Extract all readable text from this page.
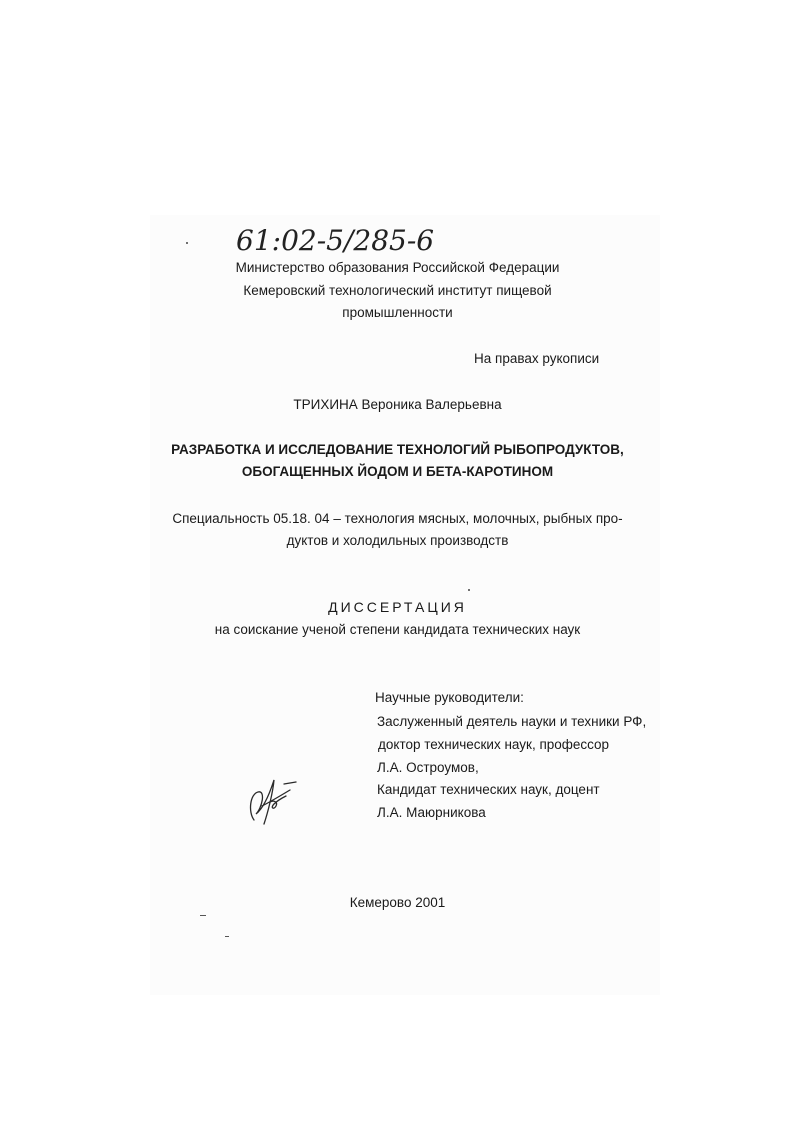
61:02-5/285-6
Министерство образования Российской Федерации
Кемеровский технологический институт пищевой
промышленности
На правах рукописи
ТРИХИНА Вероника Валерьевна
РАЗРАБОТКА И ИССЛЕДОВАНИЕ ТЕХНОЛОГИЙ РЫБОПРОДУКТОВ,
ОБОГАЩЕННЫХ ЙОДОМ И БЕТА-КАРОТИНОМ
Специальность 05.18. 04 – технология мясных, молочных, рыбных про-
дуктов и холодильных производств
ДИССЕРТАЦИЯ
на соискание ученой степени кандидата технических наук
Научные руководители:
Заслуженный деятель науки и техники РФ,
доктор технических наук, профессор
Л.А. Остроумов,
Кандидат технических наук, доцент
Л.А. Маюрникова
Кемерово 2001
